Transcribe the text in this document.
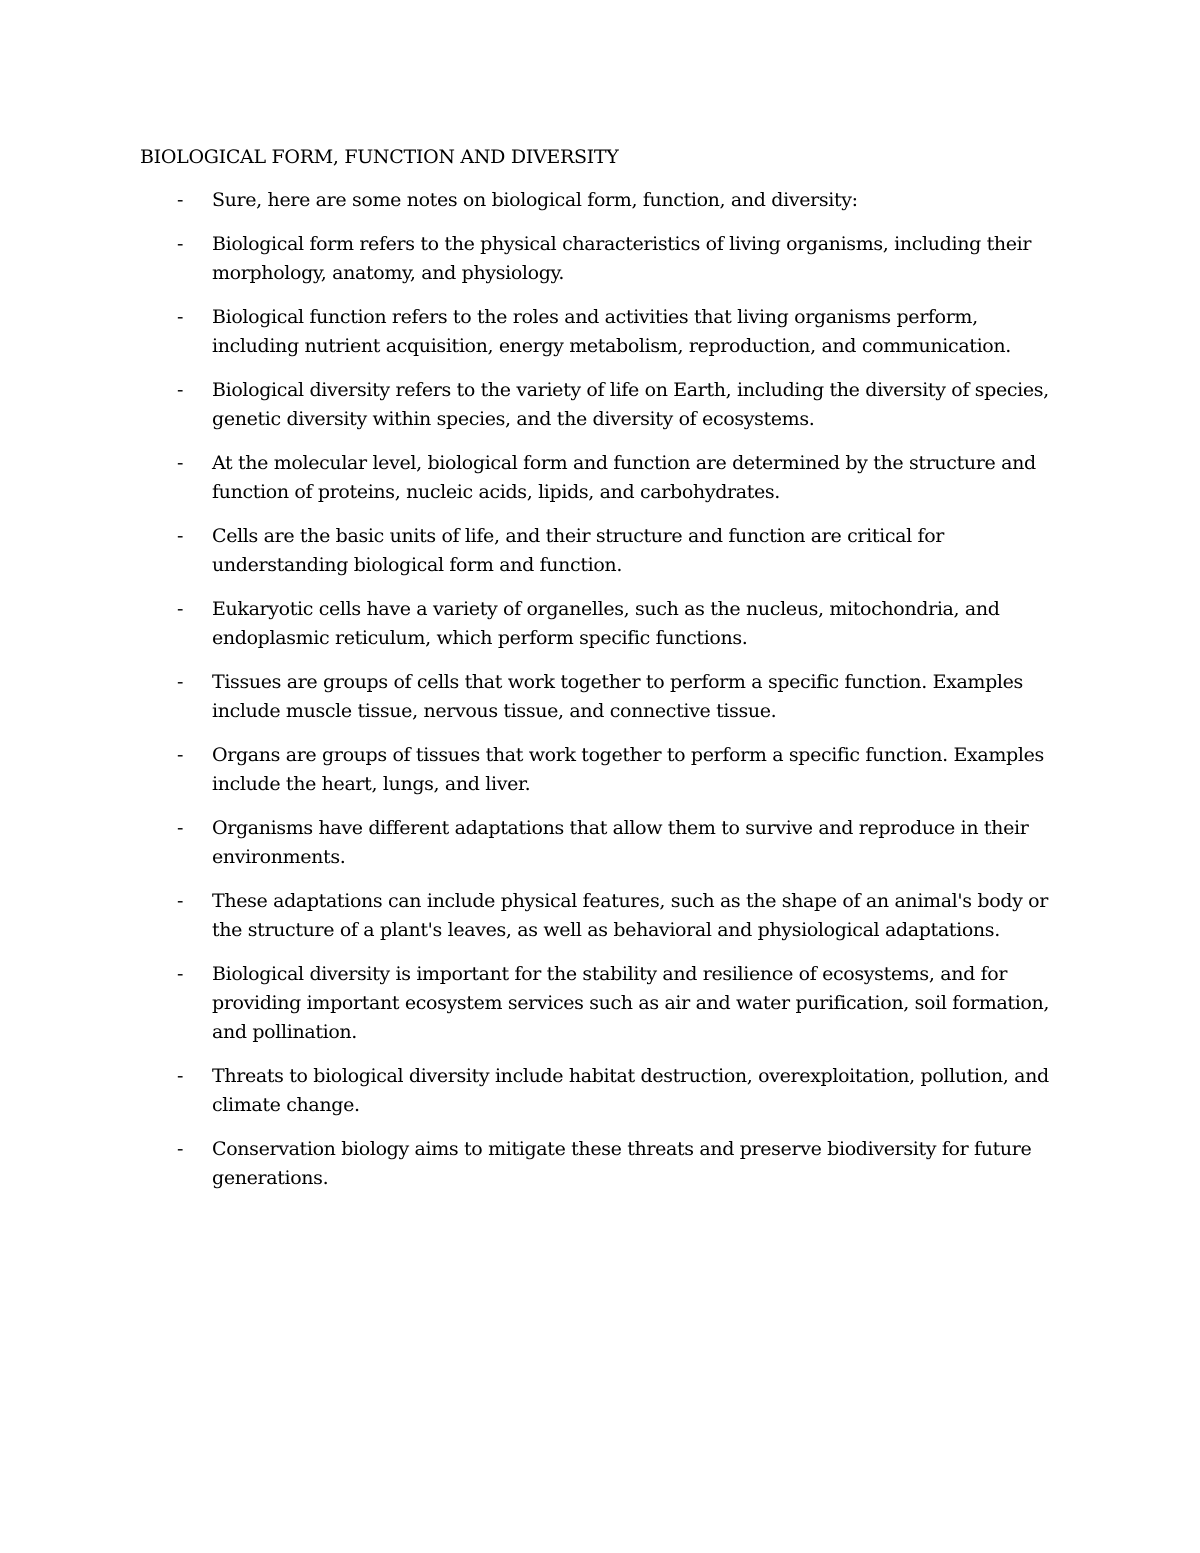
BIOLOGICAL FORM, FUNCTION AND DIVERSITY
- Sure, here are some notes on biological form, function, and diversity:
- Biological form refers to the physical characteristics of living organisms, including their morphology, anatomy, and physiology.
- Biological function refers to the roles and activities that living organisms perform, including nutrient acquisition, energy metabolism, reproduction, and communication.
- Biological diversity refers to the variety of life on Earth, including the diversity of species, genetic diversity within species, and the diversity of ecosystems.
- At the molecular level, biological form and function are determined by the structure and function of proteins, nucleic acids, lipids, and carbohydrates.
- Cells are the basic units of life, and their structure and function are critical for understanding biological form and function.
- Eukaryotic cells have a variety of organelles, such as the nucleus, mitochondria, and endoplasmic reticulum, which perform specific functions.
- Tissues are groups of cells that work together to perform a specific function. Examples include muscle tissue, nervous tissue, and connective tissue.
- Organs are groups of tissues that work together to perform a specific function. Examples include the heart, lungs, and liver.
- Organisms have different adaptations that allow them to survive and reproduce in their environments.
- These adaptations can include physical features, such as the shape of an animal's body or the structure of a plant's leaves, as well as behavioral and physiological adaptations.
- Biological diversity is important for the stability and resilience of ecosystems, and for providing important ecosystem services such as air and water purification, soil formation, and pollination.
- Threats to biological diversity include habitat destruction, overexploitation, pollution, and climate change.
- Conservation biology aims to mitigate these threats and preserve biodiversity for future generations.
